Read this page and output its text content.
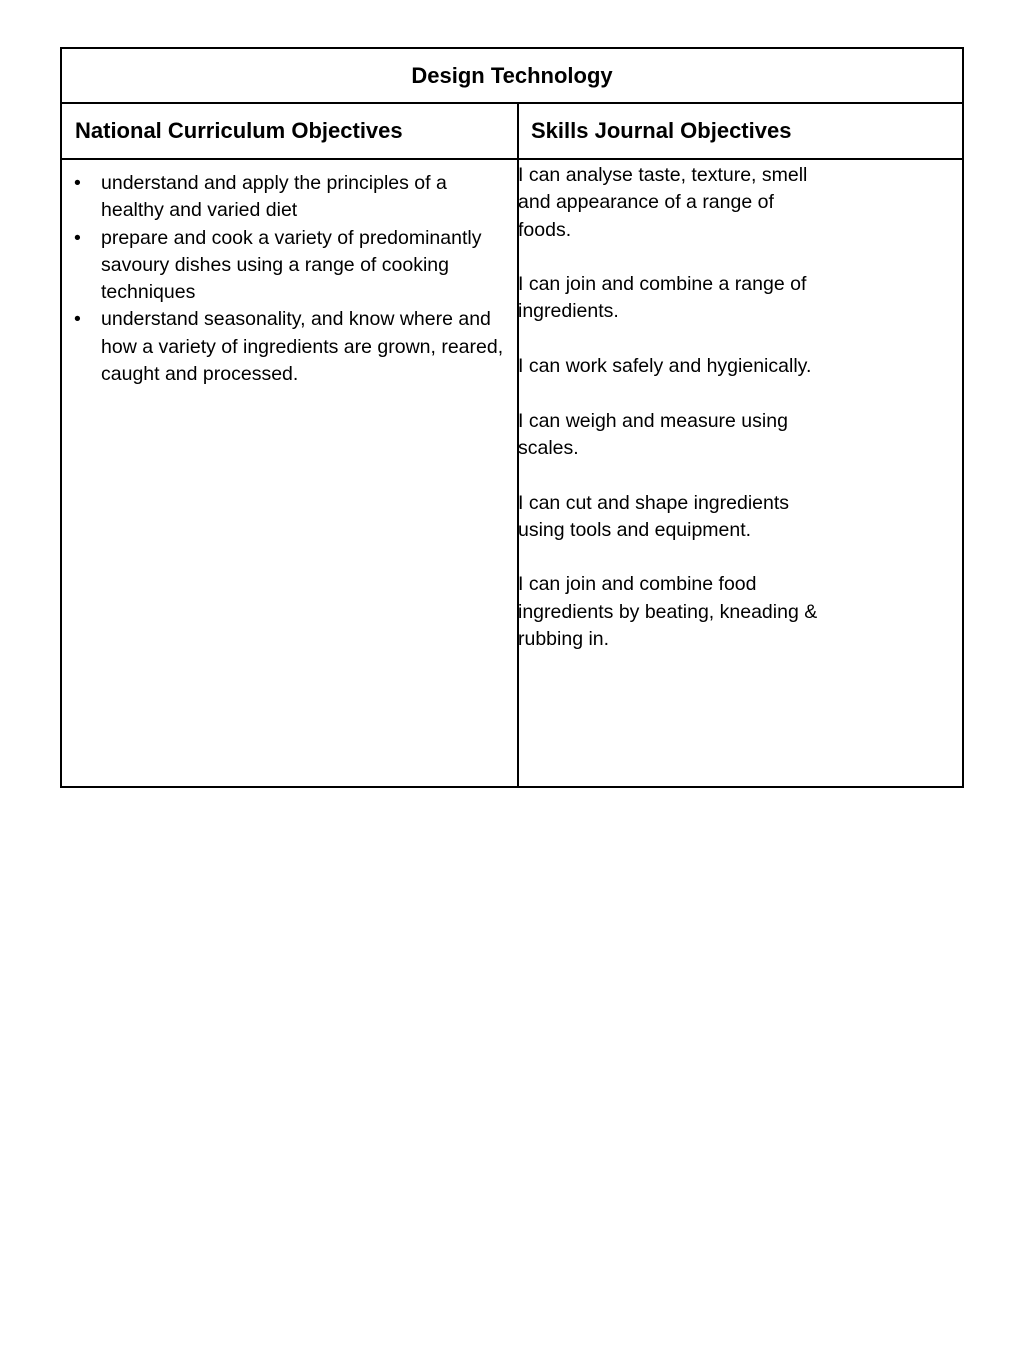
Design Technology
National Curriculum Objectives	Skills Journal Objectives
• understand and apply the principles of a healthy and varied diet
• prepare and cook a variety of predominantly savoury dishes using a range of cooking techniques
• understand seasonality, and know where and how a variety of ingredients are grown, reared, caught and processed.

I can analyse taste, texture, smell and appearance of a range of foods.

I can join and combine a range of ingredients.

I can work safely and hygienically.

I can weigh and measure using scales.

I can cut and shape ingredients using tools and equipment.

I can join and combine food ingredients by beating, kneading & rubbing in.
